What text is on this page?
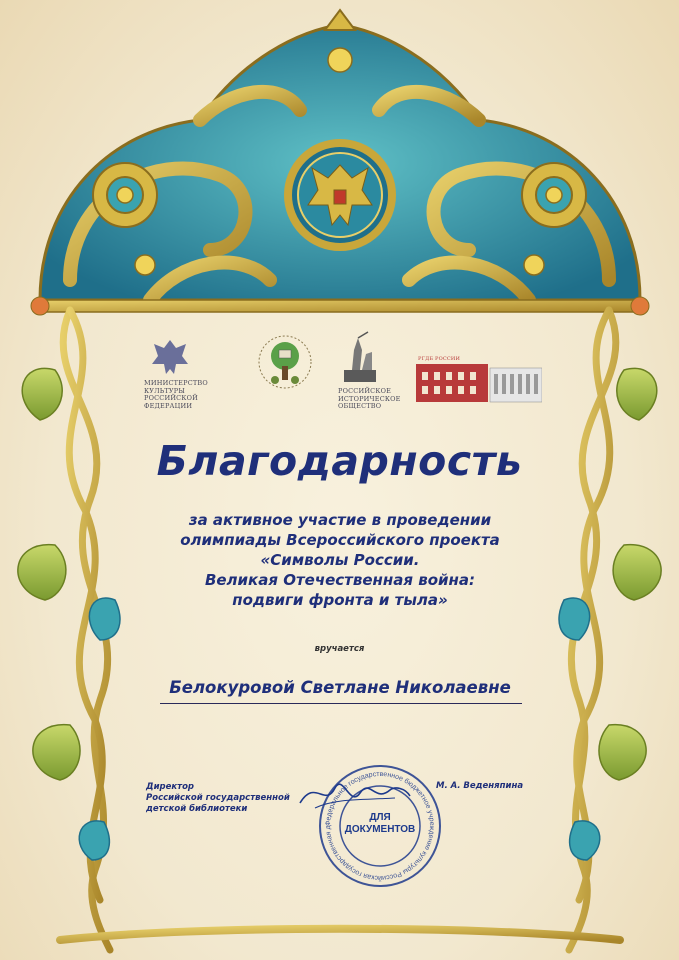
МИНИСТЕРСТВО КУЛЬТУРЫ
РОССИЙСКОЙ ФЕДЕРАЦИИ
РОССИЙСКОЕ
ИСТОРИЧЕСКОЕ
ОБЩЕСТВО
РГДБ РОССИИ
Благодарность
за активное участие в проведении
олимпиады Всероссийского проекта
«Символы России.
Великая Отечественная война:
подвиги фронта и тыла»
вручается
Белокуровой Светлане Николаевне
Директор
Российской государственной
детской библиотеки
М. А. Веденяпина
Федеральное государственное бюджетное учреждение культуры Российская государственная д
ДЛЯ
ДОКУМЕНТОВ
